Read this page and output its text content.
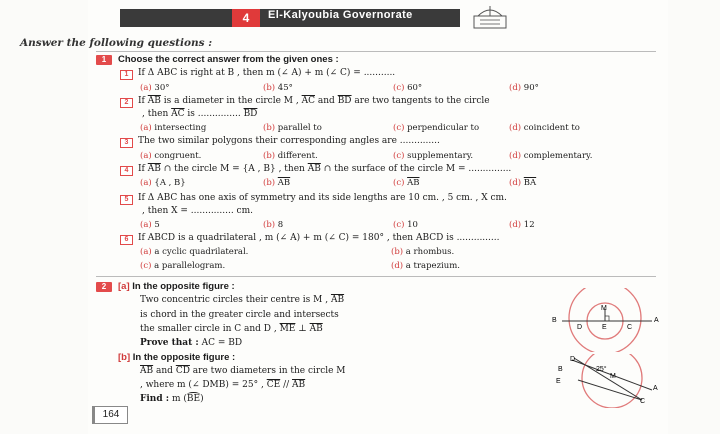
4	El-Kalyoubia Governorate
Answer the following questions :
1	Choose the correct answer from the given ones :
1	If Δ ABC is right at B , then m (∠ A) + m (∠ C) = ...........
(a) 30°	(b) 45°	(c) 60°	(d) 90°
2	If $\overline{AB}$ is a diameter in the circle M , $\overline{AC}$ and $\overline{BD}$ are two tangents to the circle
, then $\overline{AC}$ is ............... $\overline{BD}$
(a) intersecting	(b) parallel to	(c) perpendicular to	(d) coincident to
3	The two similar polygons their corresponding angles are ..............
(a) congruent.	(b) different.	(c) supplementary.	(d) complementary.
4	If $\overline{AB}$ ∩ the circle M = {A , B} , then $\overline{AB}$ ∩ the surface of the circle M = ...............
(a) {A , B}	(b) $\overline{AB}$	(c) $\overline{AB}$	(d) $\overline{BA}$
5	If Δ ABC has one axis of symmetry and its side lengths are 10 cm. , 5 cm. , X cm.
, then X = ............... cm.
(a) 5	(b) 8	(c) 10	(d) 12
6	If ABCD is a quadrilateral , m (∠ A) + m (∠ C) = 180° , then ABCD is ...............
(a) a cyclic quadrilateral.	(b) a rhombus.
(c) a parallelogram.	(d) a trapezium.
2	[a] In the opposite figure :
Two concentric circles their centre is M , $\overline{AB}$
is chord in the greater circle and intersects
the smaller circle in C and D , $\overline{ME}$ ⊥ $\overline{AB}$
Prove that : AC = BD
[b] In the opposite figure :
$\overline{AB}$ and $\overline{CD}$ are two diameters in the circle M
, where m (∠ DMB) = 25° , $\overline{CE} // \overline{AB}$
Find : m (BE)
M
B
D	E	C
A
D
B
E
25°
M
A
C
164
